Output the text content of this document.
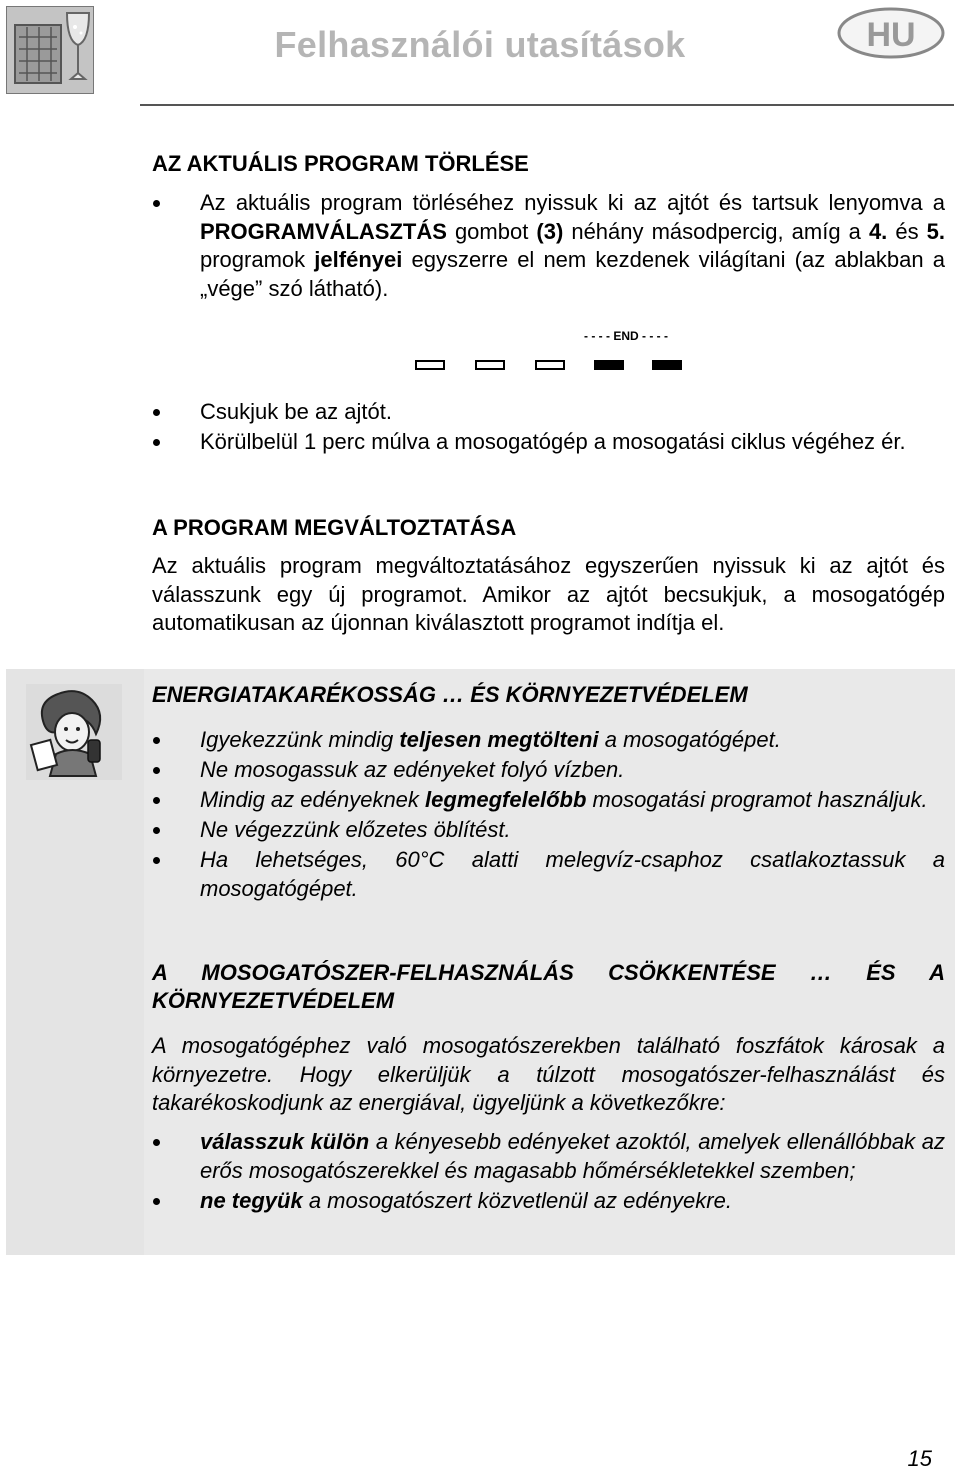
Felhasználói utasítások	HU
AZ AKTUÁLIS PROGRAM TÖRLÉSE
Az aktuális program törléséhez nyissuk ki az ajtót és tartsuk lenyomva a PROGRAMVÁLASZTÁS gombot (3) néhány másodpercig, amíg a 4. és 5. programok jelfényei egyszerre el nem kezdenek világítani (az ablakban a „vége” szó látható).
- - - - END - - - -
Csukjuk be az ajtót.
Körülbelül 1 perc múlva a mosogatógép a mosogatási ciklus végéhez ér.
A PROGRAM MEGVÁLTOZTATÁSA
Az aktuális program megváltoztatásához egyszerűen nyissuk ki az ajtót és válasszunk egy új programot. Amikor az ajtót becsukjuk, a mosogatógép automatikusan az újonnan kiválasztott programot indítja el.
ENERGIATAKARÉKOSSÁG … ÉS KÖRNYEZETVÉDELEM
Igyekezzünk mindig teljesen megtölteni a mosogatógépet.
Ne mosogassuk az edényeket folyó vízben.
Mindig az edényeknek legmegfelelőbb mosogatási programot használjuk.
Ne végezzünk előzetes öblítést.
Ha lehetséges, 60°C alatti melegvíz-csaphoz csatlakoztassuk a mosogatógépet.
A MOSOGATÓSZER-FELHASZNÁLÁS CSÖKKENTÉSE … ÉS A KÖRNYEZETVÉDELEM
A mosogatógéphez való mosogatószerekben található foszfátok károsak a környezetre. Hogy elkerüljük a túlzott mosogatószer-felhasználást és takarékoskodjunk az energiával, ügyeljünk a következőkre:
válasszuk külön a kényesebb edényeket azoktól, amelyek ellenállóbbak az erős mosogatószerekkel és magasabb hőmérsékletekkel szemben;
ne tegyük a mosogatószert közvetlenül az edényekre.
15
